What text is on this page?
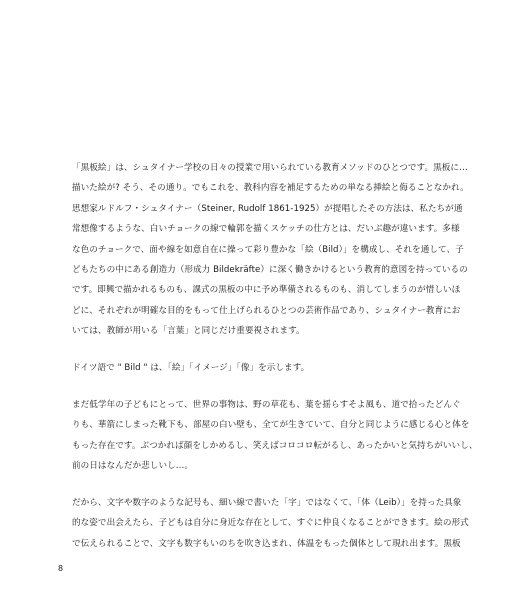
「黒板絵」は、シュタイナー学校の日々の授業で用いられている教育メソッドのひとつです。黒板に…
描いた絵が? そう、その通り。でもこれを、教科内容を補足するための単なる挿絵と侮ることなかれ。
思想家ルドルフ・シュタイナー（Steiner, Rudolf 1861-1925）が提唱したその方法は、私たちが通
常想像するような、白いチョークの線で輪郭を描くスケッチの仕方とは、だいぶ趣が違います。多様
な色のチョークで、面や線を如意自在に操って彩り豊かな「絵（Bild）」を構成し、それを通して、子
どもたちの中にある創造力（形成力 Bildekräfte）に深く働きかけるという教育的意図を持っているの
です。即興で描かれるものも、課式の黒板の中に予め準備されるものも、消してしまうのが惜しいほ
どに、それぞれが明確な目的をもって仕上げられるひとつの芸術作品であり、シュタイナー教育にお
いては、教師が用いる「言葉」と同じだけ重要視されます。
ドイツ語で " Bild " は、「絵」「イメージ」「像」を示します。
まだ低学年の子どもにとって、世界の事物は、野の草花も、葉を揺らすそよ風も、道で拾ったどんぐ
りも、華箭にしまった靴下も、部屋の白い壁も、全てが生きていて、自分と同じように感じる心と体を
もった存在です。ぶつかれば顔をしかめるし、笑えばコロコロ転がるし、あったかいと気持ちがいいし、
前の日はなんだか悲しいし…。
だから、文字や数字のような記号も、細い線で書いた「字」ではなくて、「体（Leib）」を持った具象
的な姿で出会えたら、子どもは自分に身近な存在として、すぐに仲良くなることができます。絵の形式
で伝えられることで、文字も数字もいのちを吹き込まれ、体温をもった個体として現れ出ます。黒板
8
